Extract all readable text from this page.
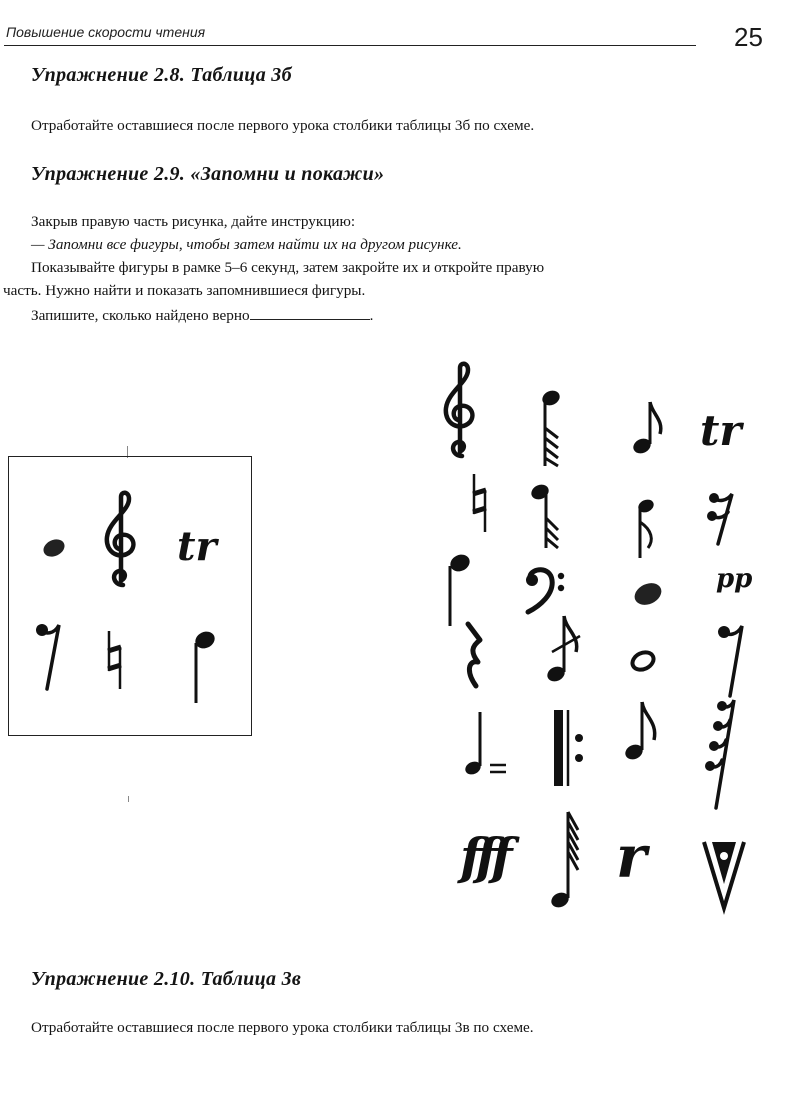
Повышение скорости чтения	25
Упражнение 2.8. Таблица 3б
Отработайте оставшиеся после первого урока столбики таблицы 3б по схеме.
Упражнение 2.9. «Запомни и покажи»
Закрыв правую часть рисунка, дайте инструкцию:
— Запомни все фигуры, чтобы затем найти их на другом рисунке.
Показывайте фигуры в рамке 5–6 секунд, затем закройте их и откройте правую
часть. Нужно найти и показать запомнившиеся фигуры.
Запишите, сколько найдено верно	.
tr
tr
pp
fff r
Упражнение 2.10. Таблица 3в
Отработайте оставшиеся после первого урока столбики таблицы 3в по схеме.
